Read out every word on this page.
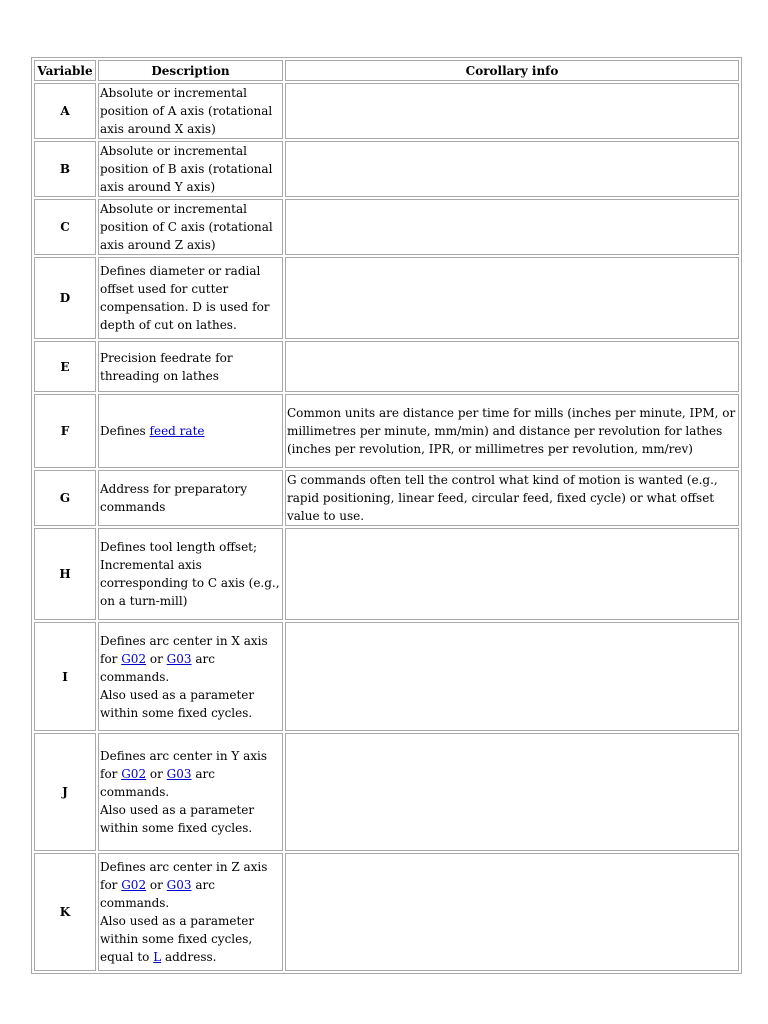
Variable	Description	Corollary info
A	Absolute or incremental position of A axis (rotational axis around X axis)	
B	Absolute or incremental position of B axis (rotational axis around Y axis)	
C	Absolute or incremental position of C axis (rotational axis around Z axis)	
D	Defines diameter or radial offset used for cutter compensation. D is used for depth of cut on lathes.	
E	Precision feedrate for threading on lathes	
F	Defines feed rate	Common units are distance per time for mills (inches per minute, IPM, or millimetres per minute, mm/min) and distance per revolution for lathes (inches per revolution, IPR, or millimetres per revolution, mm/rev)
G	Address for preparatory commands	G commands often tell the control what kind of motion is wanted (e.g., rapid positioning, linear feed, circular feed, fixed cycle) or what offset value to use.
H	Defines tool length offset;
Incremental axis corresponding to C axis (e.g., on a turn-mill)	
I	Defines arc center in X axis for G02 or G03 arc commands.
Also used as a parameter within some fixed cycles.	
J	Defines arc center in Y axis for G02 or G03 arc commands.
Also used as a parameter within some fixed cycles.	
K	Defines arc center in Z axis for G02 or G03 arc commands.
Also used as a parameter within some fixed cycles, equal to L address.	
